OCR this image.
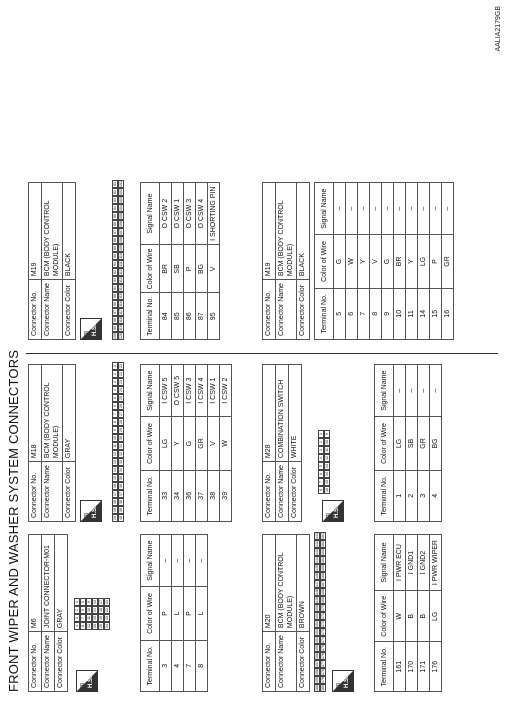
FRONT WIPER AND WASHER SYSTEM CONNECTORS
AALIA2179GB
Connector No.	M6
Connector Name	JOINT CONNECTOR-M01
Connector Color	GRAY
⊞ H.S.
4
3
2
1
8
7
6
5
12
11
10
9
16
15
14
13
20
19
18
17
24
23
22
21
Terminal No.	Color of Wire	Signal Name
3	P	–
4	L	–
7	P	–
8	L	–
Connector No.	M18
Connector Name	BCM (BODY CONTROL MODULE)
Connector Color	GRAY
⊞ H.S.	20
19
18
17
16
15
14
13
12
11
10
9
8
7
6
5
4
3
2
1
40
39
38
37
36
35
34
33
32
31
30
29
28
27
26
25
24
23
22
21
Terminal No.	Color of Wire	Signal Name
33	LG	I CSW 5
34	Y	O CSW 5
36	G	I CSW 3
37	GR	I CSW 4
38	V	I CSW 1
39	W	I CSW 2
Connector No.	M19
Connector Name	BCM (BODY CONTROL MODULE)
Connector Color	BLACK
⊞ H.S.	100
99
98
97
96
95
94
93
92
91
90
89
88
87
86
85
84
83
82
81
120
119
118
117
116
115
114
113
112
111
110
109
108
107
106
105
104
103
102
101
Terminal No.	Color of Wire	Signal Name
84	BR	O CSW 2
85	SB	O CSW 1
86	P	O CSW 3
87	BG	O CSW 4
95	V	I SHORTING PIN
Connector No.	M20
Connector Name	BCM (BODY CONTROL MODULE)
Connector Color	BROWN
⊞ H.S.
160
159
158
157
156
155
154
153
152
151
150
149
148
147
146
145
144
143
142
141
180
179
178
177
176
175
174
173
172
171
170
169
168
167
166
165
164
163
162
161
Terminal No.	Color of Wire	Signal Name
161	W	I PWR ECU
170	B	I GND1
171	B	I GND2
176	LG	I PWR WIPER
Connector No.	M28
Connector Name	COMBINATION SWITCH
Connector Color	WHITE
⊞ H.S.
8
7
6
5
4
3
2
1
16
15
14
13
12
11
10
9
Terminal No.	Color of Wire	Signal Name
1	LG	–
2	SB	–
3	GR	–
4	BG	–
Connector No.	M19
Connector Name	BCM (BODY CONTROL MODULE)
Connector Color	BLACK
Terminal No.	Color of Wire	Signal Name
5	G	–
6	W	–
7	Y	–
8	V	–
9	G	–
10	BR	–
11	Y	–
14	LG	–
15	P	–
16	GR	–
